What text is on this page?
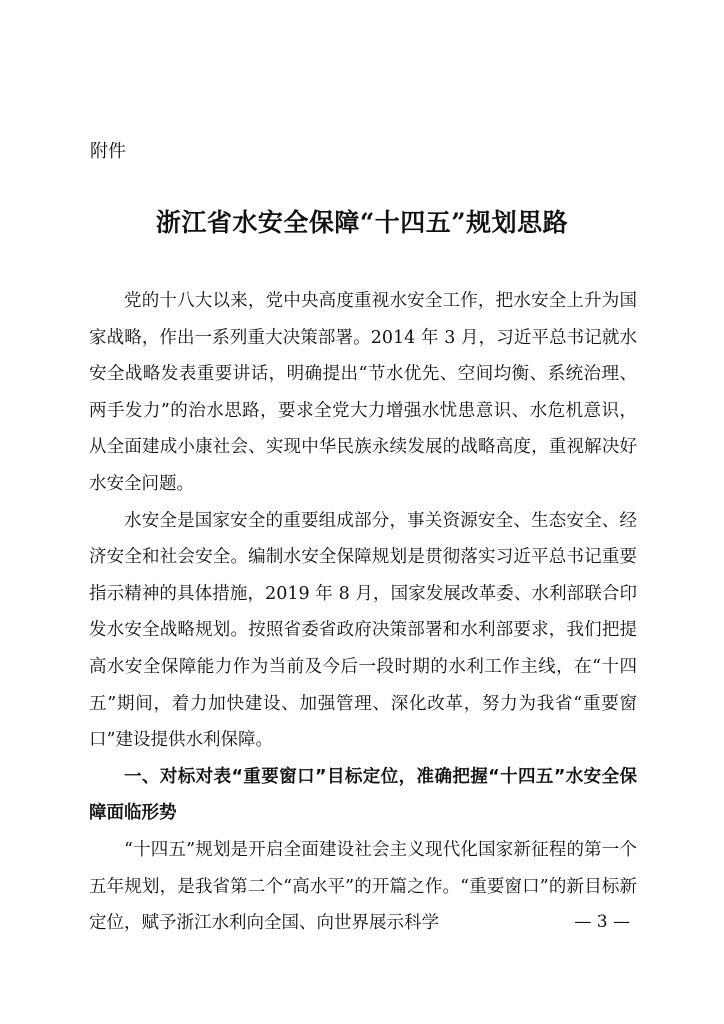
附件
浙江省水安全保障“十四五”规划思路

党的十八大以来，党中央高度重视水安全工作，把水安全上升为国家战略，作出一系列重大决策部署。2014 年 3 月，习近平总书记就水安全战略发表重要讲话，明确提出“节水优先、空间均衡、系统治理、两手发力”的治水思路，要求全党大力增强水忧患意识、水危机意识，从全面建成小康社会、实现中华民族永续发展的战略高度，重视解决好水安全问题。

水安全是国家安全的重要组成部分，事关资源安全、生态安全、经济安全和社会安全。编制水安全保障规划是贯彻落实习近平总书记重要指示精神的具体措施，2019 年 8 月，国家发展改革委、水利部联合印发水安全战略规划。按照省委省政府决策部署和水利部要求，我们把提高水安全保障能力作为当前及今后一段时期的水利工作主线，在“十四五”期间，着力加快建设、加强管理、深化改革，努力为我省“重要窗口”建设提供水利保障。

一、对标对表“重要窗口”目标定位，准确把握“十四五”水安全保障面临形势

“十四五”规划是开启全面建设社会主义现代化国家新征程的第一个五年规划，是我省第二个“高水平”的开篇之作。“重要窗口”的新目标新定位，赋予浙江水利向全国、向世界展示科学	— 3 —
